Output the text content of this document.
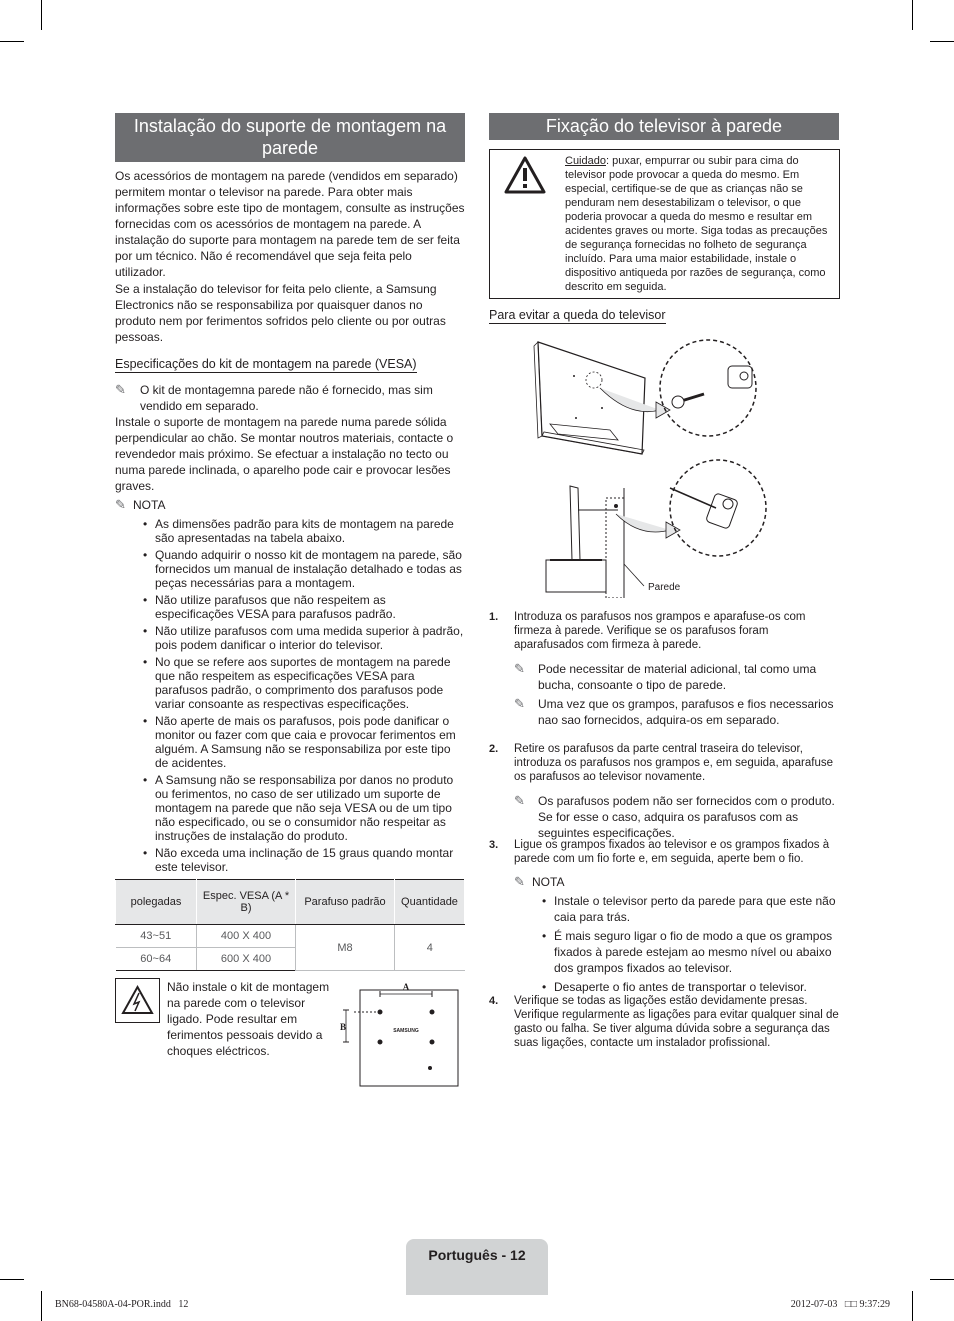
Instalação do suporte de montagem na parede

Os acessórios de montagem na parede (vendidos em separado) permitem montar o televisor na parede. Para obter mais informações sobre este tipo de montagem, consulte as instruções fornecidas com os acessórios de montagem na parede. A instalação do suporte para montagem na parede tem de ser feita por um técnico. Não é recomendável que seja feita pelo utilizador.

Se a instalação do televisor for feita pelo cliente, a Samsung Electronics não se responsabiliza por quaisquer danos no produto nem por ferimentos sofridos pelo cliente ou por outras pessoas.

Especificações do kit de montagem na parede (VESA)
✎ O kit de montagemna parede não é fornecido, mas sim vendido em separado.

Instale o suporte de montagem na parede numa parede sólida perpendicular ao chão. Se montar noutros materiais, contacte o revendedor mais próximo. Se efectuar a instalação no tecto ou numa parede inclinada, o aparelho pode cair e provocar lesões graves.

✎ NOTA
• As dimensões padrão para kits de montagem na parede são apresentadas na tabela abaixo.
• Quando adquirir o nosso kit de montagem na parede, são fornecidos um manual de instalação detalhado e todas as peças necessárias para a montagem.
• Não utilize parafusos que não respeitem as especificações VESA para parafusos padrão.
• Não utilize parafusos com uma medida superior à padrão, pois podem danificar o interior do televisor.
• No que se refere aos suportes de montagem na parede que não respeitem as especificações VESA para parafusos padrão, o comprimento dos parafusos pode variar consoante as respectivas especificações.
• Não aperte de mais os parafusos, pois pode danificar o monitor ou fazer com que caia e provocar ferimentos em alguém. A Samsung não se responsabiliza por este tipo de acidentes.
• A Samsung não se responsabiliza por danos no produto ou ferimentos, no caso de ser utilizado um suporte de montagem na parede que não seja VESA ou de um tipo não especificado, ou se o consumidor não respeitar as instruções de instalação do produto.
• Não exceda uma inclinação de 15 graus quando montar este televisor.
polegadas	Espec. VESA (A * B)	Parafuso padrão	Quantidade
43~51	400 X 400	M8	4
60~64	600 X 400		

Não instale o kit de montagem na parede com o televisor ligado. Pode resultar em ferimentos pessoais devido a choques eléctricos.

A
B	SAMSUNG
Fixação do televisor à parede
Cuidado: puxar, empurrar ou subir para cima do televisor pode provocar a queda do mesmo. Em especial, certifique-se de que as crianças não se penduram nem desestabilizam o televisor, o que poderia provocar a queda do mesmo e resultar em acidentes graves ou morte. Siga todas as precauções de segurança fornecidas no folheto de segurança incluído. Para uma maior estabilidade, instale o dispositivo antiqueda por razões de segurança, como descrito em seguida.
Para evitar a queda do televisor
Parede
1. Introduza os parafusos nos grampos e aparafuse-os com firmeza à parede. Verifique se os parafusos foram aparafusados com firmeza à parede.
✎ Pode necessitar de material adicional, tal como uma bucha, consoante o tipo de parede.
✎ Uma vez que os grampos, parafusos e fios necessarios nao sao fornecidos, adquira-os em separado.
2. Retire os parafusos da parte central traseira do televisor, introduza os parafusos nos grampos e, em seguida, aparafuse os parafusos ao televisor novamente.
✎ Os parafusos podem não ser fornecidos com o produto. Se for esse o caso, adquira os parafusos com as seguintes especificações.
3. Ligue os grampos fixados ao televisor e os grampos fixados à parede com um fio forte e, em seguida, aperte bem o fio.
✎ NOTA
• Instale o televisor perto da parede para que este não caia para trás.
• É mais seguro ligar o fio de modo a que os grampos fixados à parede estejam ao mesmo nível ou abaixo dos grampos fixados ao televisor.
• Desaperte o fio antes de transportar o televisor.
4. Verifique se todas as ligações estão devidamente presas. Verifique regularmente as ligações para evitar qualquer sinal de gasto ou falha. Se tiver alguma dúvida sobre a segurança das suas ligações, contacte um instalador profissional.
Português - 12
BN68-04580A-04-POR.indd   12	2012-07-03   □□ 9:37:29
